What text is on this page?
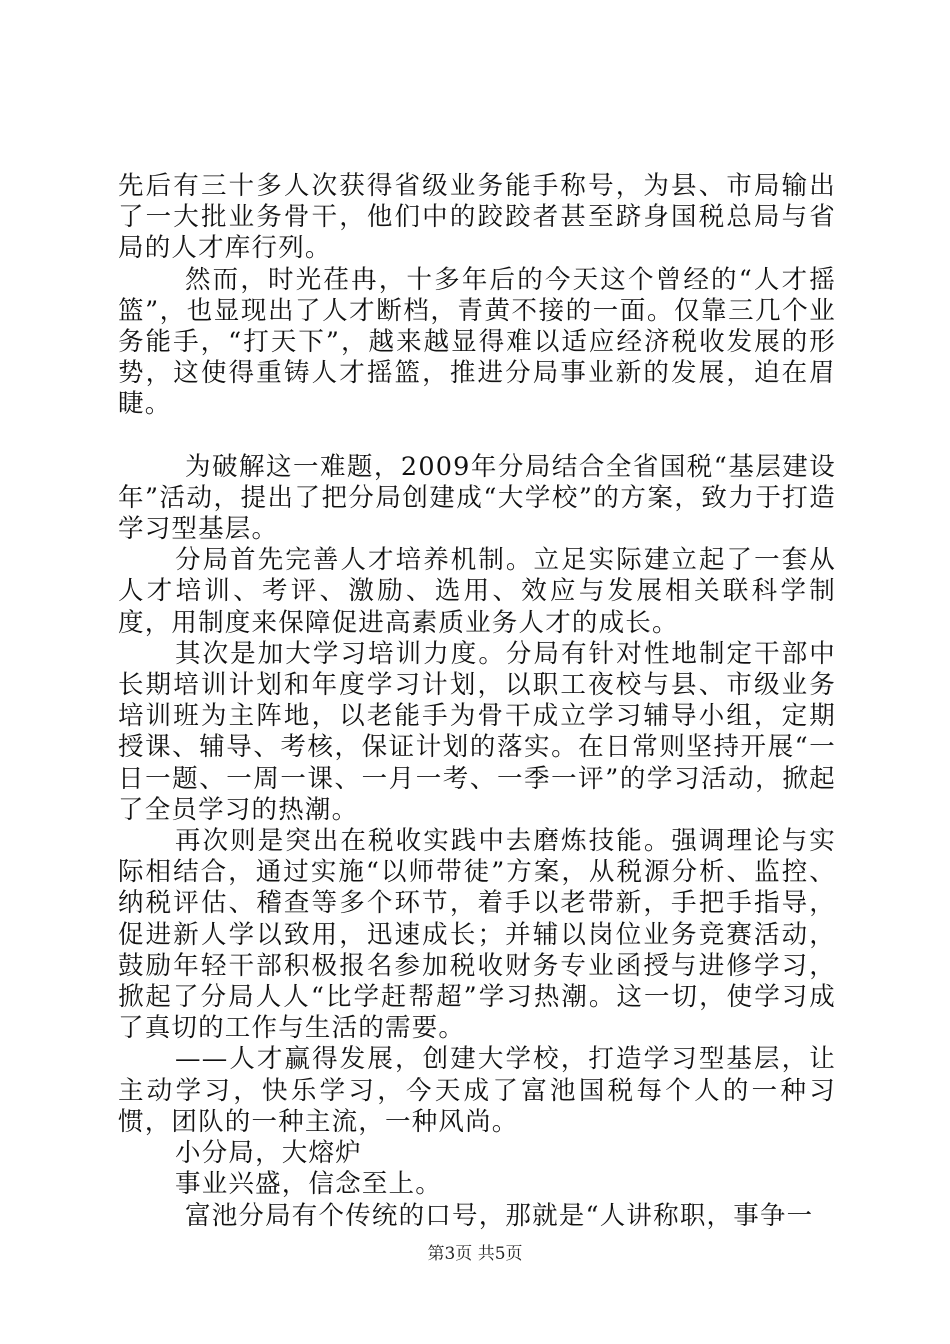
先后有三十多人次获得省级业务能手称号，为县、市局输出了一大批业务骨干，他们中的跤跤者甚至跻身国税总局与省局的人才库行列。

然而，时光荏冉，十多年后的今天这个曾经的“人才摇篮”，也显现出了人才断档，青黄不接的一面。仅靠三几个业务能手，“打天下”，越来越显得难以适应经济税收发展的形势，这使得重铸人才摇篮，推进分局事业新的发展，迫在眉睫。

为破解这一难题，2009年分局结合全省国税“基层建设年”活动，提出了把分局创建成“大学校”的方案，致力于打造学习型基层。

分局首先完善人才培养机制。立足实际建立起了一套从人才培训、考评、激励、选用、效应与发展相关联科学制度，用制度来保障促进高素质业务人才的成长。

其次是加大学习培训力度。分局有针对性地制定干部中长期培训计划和年度学习计划，以职工夜校与县、市级业务培训班为主阵地，以老能手为骨干成立学习辅导小组，定期授课、辅导、考核，保证计划的落实。在日常则坚持开展“一日一题、一周一课、一月一考、一季一评”的学习活动，掀起了全员学习的热潮。

再次则是突出在税收实践中去磨炼技能。强调理论与实际相结合，通过实施“以师带徒”方案，从税源分析、监控、纳税评估、稽查等多个环节，着手以老带新，手把手指导，促进新人学以致用，迅速成长；并辅以岗位业务竞赛活动，鼓励年轻干部积极报名参加税收财务专业函授与进修学习，掀起了分局人人“比学赶帮超”学习热潮。这一切，使学习成了真切的工作与生活的需要。

——人才赢得发展，创建大学校，打造学习型基层，让主动学习，快乐学习，今天成了富池国税每个人的一种习惯，团队的一种主流，一种风尚。

小分局，大熔炉

事业兴盛，信念至上。

富池分局有个传统的口号，那就是“人讲称职，事争一

第3页 共5页
